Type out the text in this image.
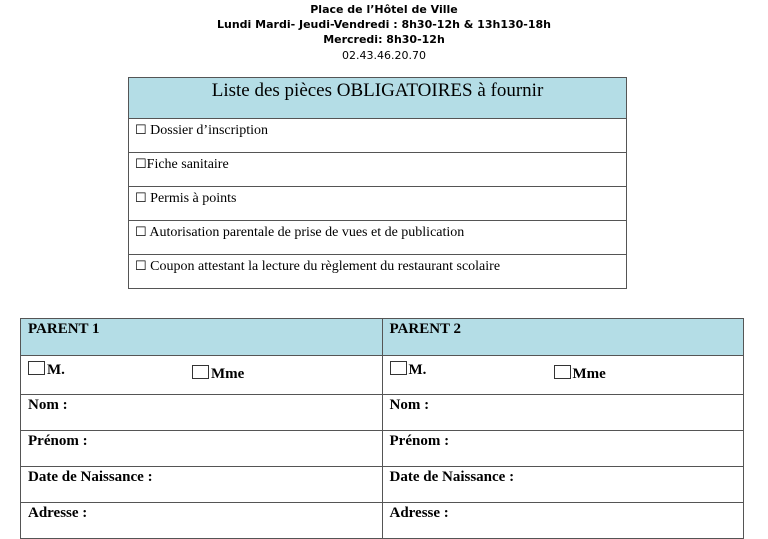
Place de l’Hôtel de Ville
Lundi Mardi- Jeudi-Vendredi : 8h30-12h & 13h130-18h
Mercredi: 8h30-12h
02.43.46.20.70
Liste des pièces OBLIGATOIRES à fournir
☐ Dossier d’inscription
☐Fiche sanitaire
☐ Permis à points
☐ Autorisation parentale de prise de vues et de publication
☐ Coupon attestant la lecture du règlement du restaurant scolaire
PARENT 1	PARENT 2
M. Mme	M. Mme

Nom :	Nom :
Prénom :	Prénom :
Date de Naissance :	Date de Naissance :
Adresse :	Adresse :
